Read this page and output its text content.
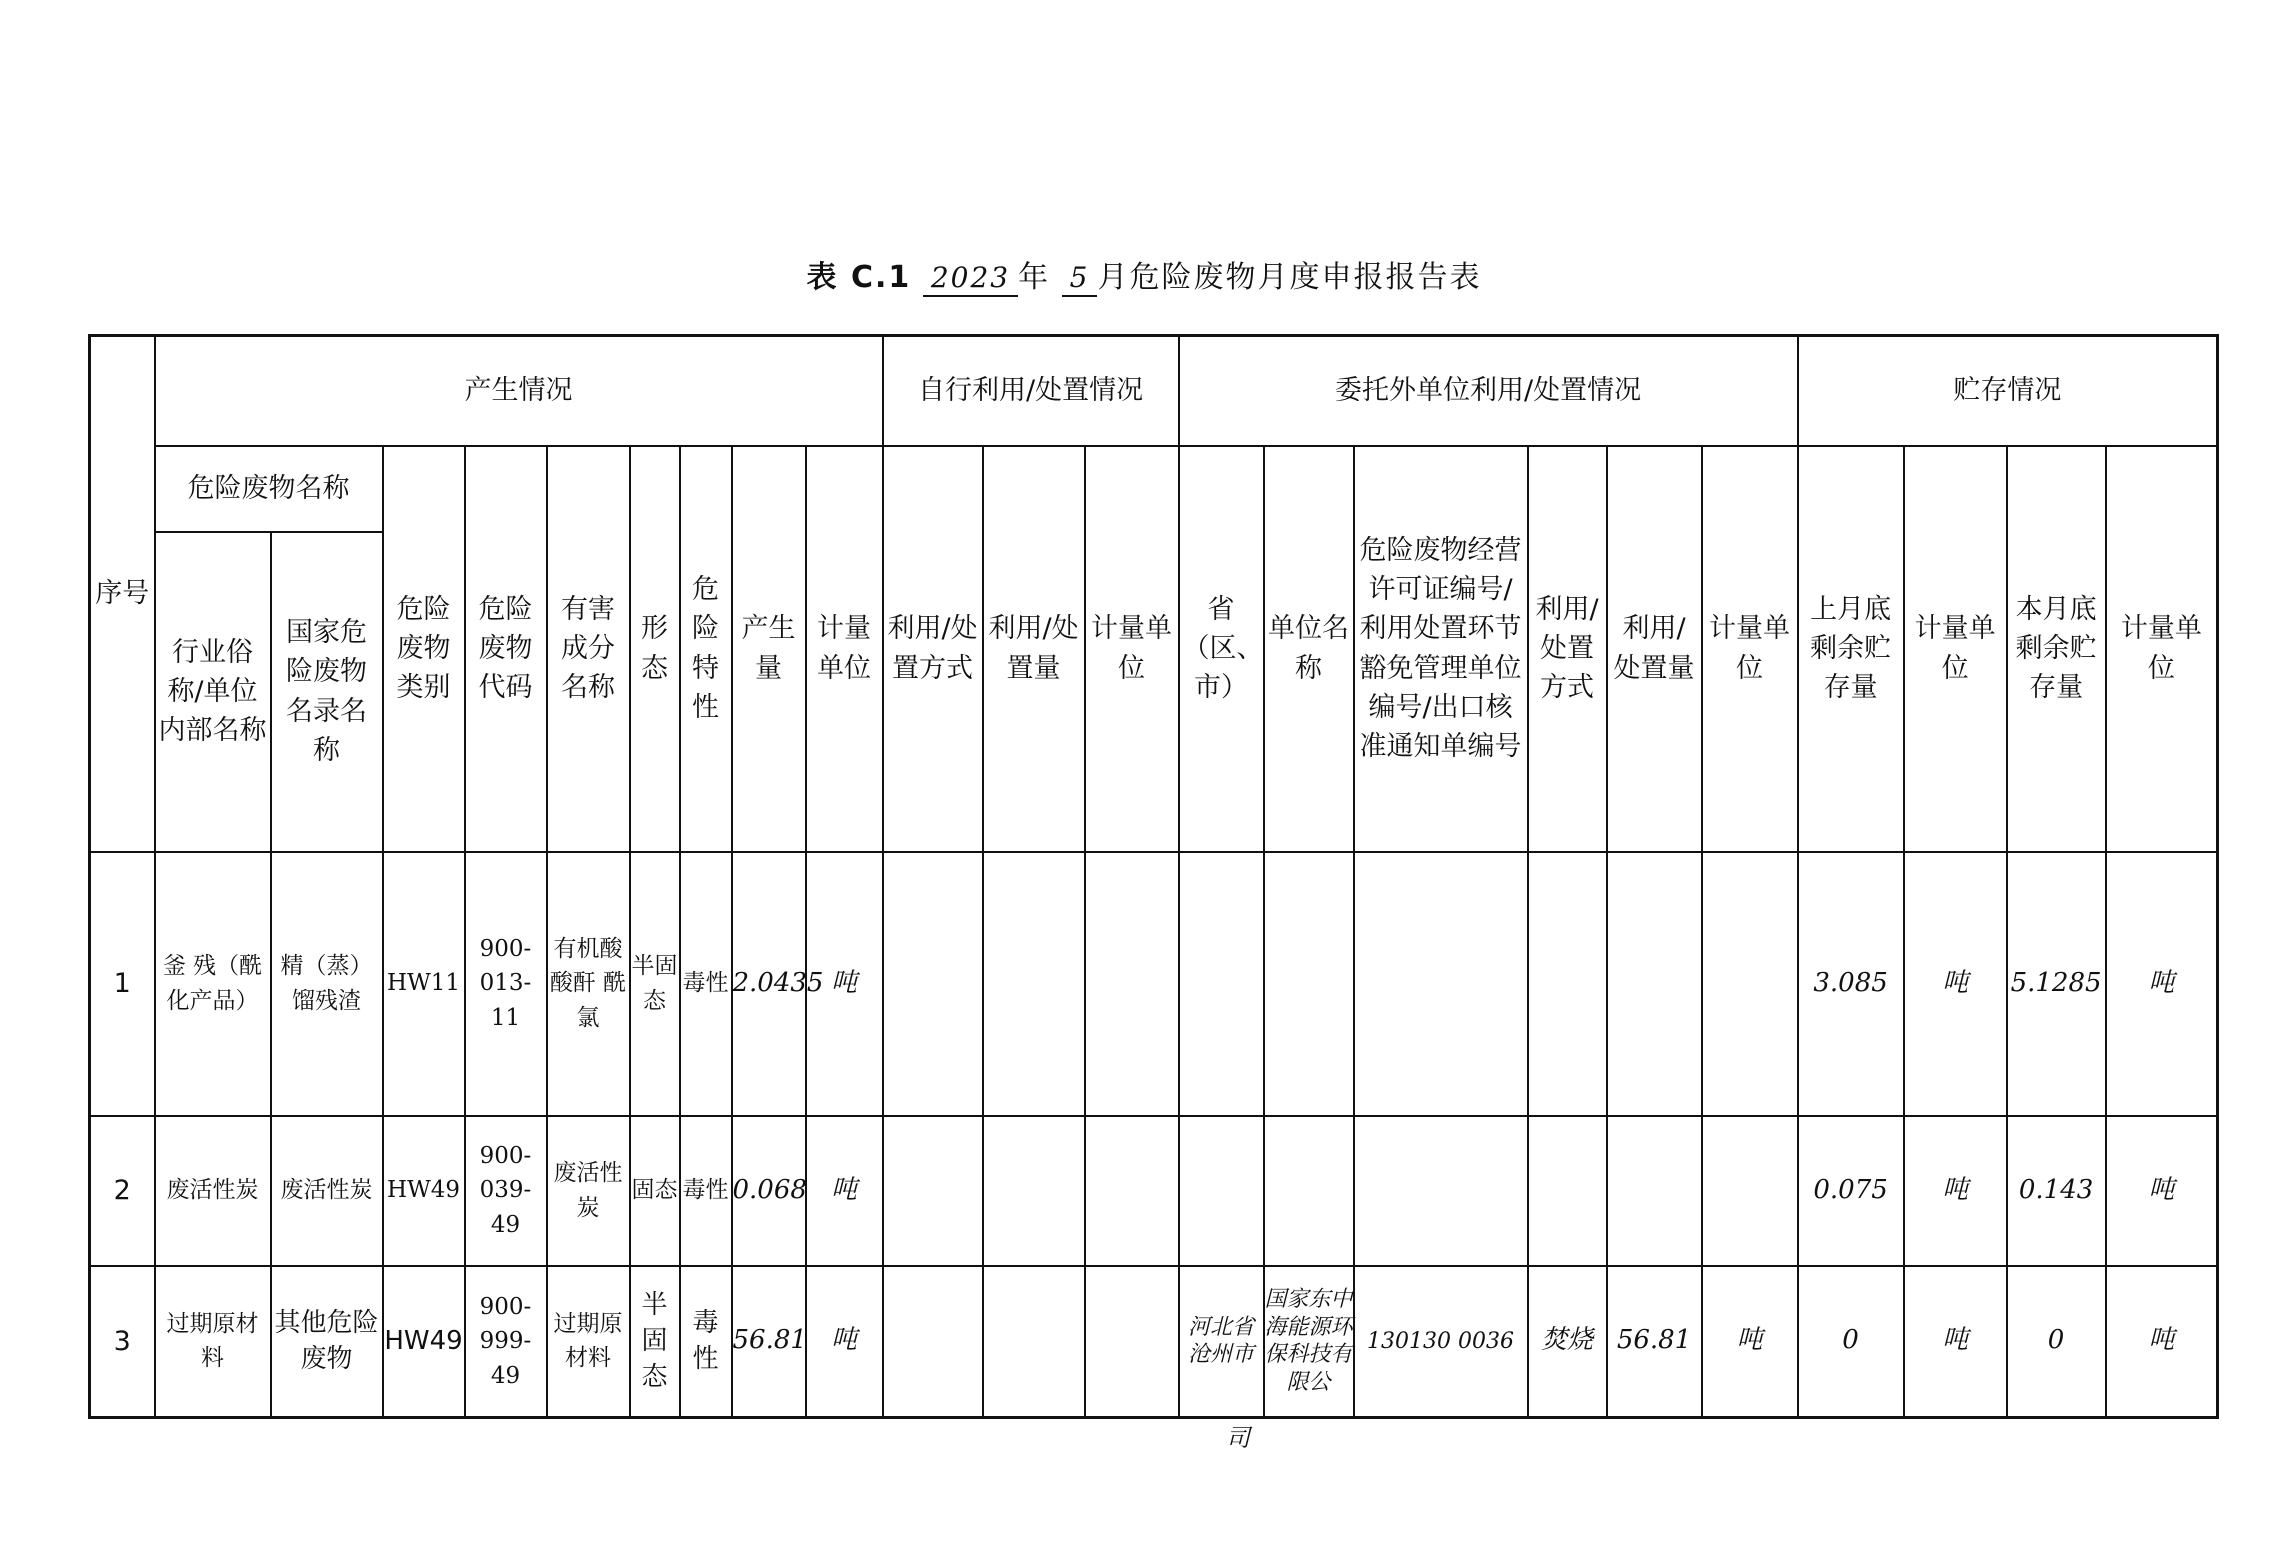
表 C.1 2023 年 5 月危险废物月度申报报告表
序号	产生情况									自行利用/处置情况			委托外单位利用/处置情况						贮存情况			
	危险废物名称		危险废物类别	危险废物代码	有害成分名称	形态	危险特性	产生量	计量单位	利用/处置方式	利用/处置量	计量单位	省（区、市）	单位名称	危险废物经营许可证编号/利用处置环节豁免管理单位编号/出口核准通知单编号	利用/处置方式	利用/处置量	计量单位	上月底剩余贮存量	计量单位	本月底剩余贮存量	计量单位
	行业俗称/单位内部名称	国家危险废物名录名称																				
1	釜 残（酰化产品）	精（蒸）馏残渣	HW11	900-013-11	有机酸 酸酐 酰氯	半固态	毒性	2.0435	吨										3.085	吨	5.1285	吨
2	废活性炭	废活性炭	HW49	900-039-49	废活性炭	固态	毒性	0.068	吨										0.075	吨	0.143	吨
3	过期原材料	其他危险废物	HW49	900-999-49	过期原材料	半固态	毒性	56.81	吨				河北省沧州市	国家东中海能源环保科技有限公	130130 0036	焚烧	56.81	吨	0	吨	0	吨
司
